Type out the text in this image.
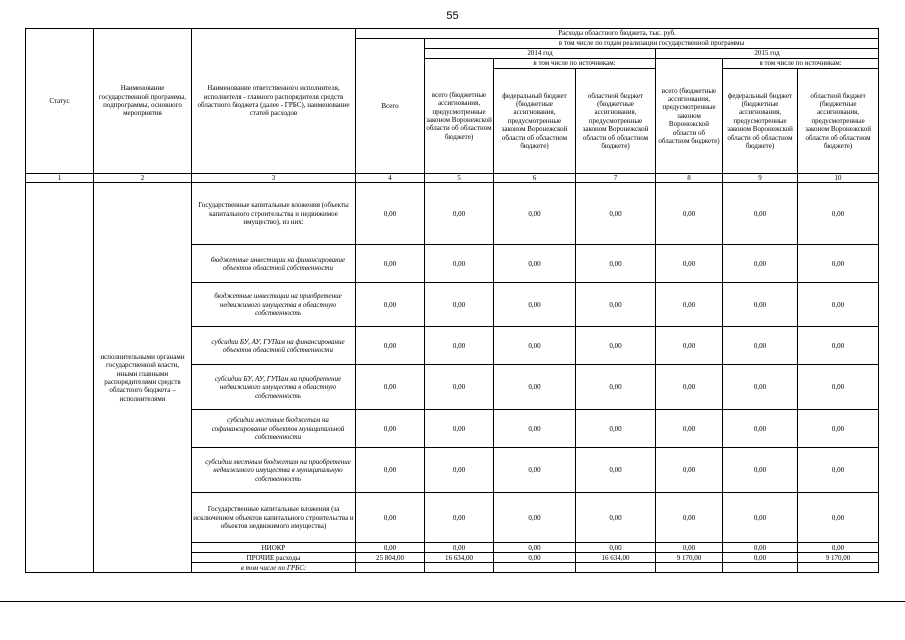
55
Статус	Наименование государственной программы, подпрограммы, основного мероприятия	Наименование ответственного исполнителя, исполнителя - главного распорядителя средств областного бюджета (далее - ГРБС), наименование статей расходов	Расходы областного бюджета, тыс. руб.						
			Всего	в том числе по годам реализации государственной программы					
				2014 год			2015 год		
				всего (бюджетные ассигнования, предусмотренные законом Воронежской области об областном бюджете)	в том числе по источникам:		всего (бюджетные ассигнования, предусмотренные законом Воронежской области об областном бюджете)	в том числе по источникам:	
					федеральный бюджет (бюджетные ассигнования, предусмотренные законом Воронежской области об областном бюджете)	областной бюджет (бюджетные ассигнования, предусмотренные законом Воронежской области об областном бюджете)		федеральный бюджет (бюджетные ассигнования, предусмотренные законом Воронежской области об областном бюджете)	областной бюджет (бюджетные ассигнования, предусмотренные законом Воронежской области об областном бюджете)
1	2	3	4	5	6	7	8	9	10
	исполнительными органами государственной власти, иными главными распорядителями средств областного бюджета – исполнителями	Государственные капитальные вложения (объекты капитального строительства и недвижимое имущество), из них:	0,00	0,00	0,00	0,00	0,00	0,00	0,00
		бюджетные инвестиции на финансирование объектов областной собственности	0,00	0,00	0,00	0,00	0,00	0,00	0,00
		бюджетные инвестиции на приобретение недвижимого имущества в областную собственность	0,00	0,00	0,00	0,00	0,00	0,00	0,00
		субсидии БУ, АУ, ГУПам на финансирование объектов областной собственности	0,00	0,00	0,00	0,00	0,00	0,00	0,00
		субсидии БУ, АУ, ГУПам на приобретение недвижимого имущества в областную собственность	0,00	0,00	0,00	0,00	0,00	0,00	0,00
		субсидии местным бюджетам на софинансирование объектов муниципальной собственности	0,00	0,00	0,00	0,00	0,00	0,00	0,00
		субсидии местным бюджетам на приобретение недвижимого имущества в муниципальную собственность	0,00	0,00	0,00	0,00	0,00	0,00	0,00
		Государственные капитальные вложения (за исключением объектов капитального строительства и объектов недвижимого имущества)	0,00	0,00	0,00	0,00	0,00	0,00	0,00
		НИОКР	0,00	0,00	0,00	0,00	0,00	0,00	0,00
		ПРОЧИЕ расходы	25 804,00	16 634,00	0,00	16 634,00	9 170,00	0,00	9 170,00
		в том числе по ГРБС:							
